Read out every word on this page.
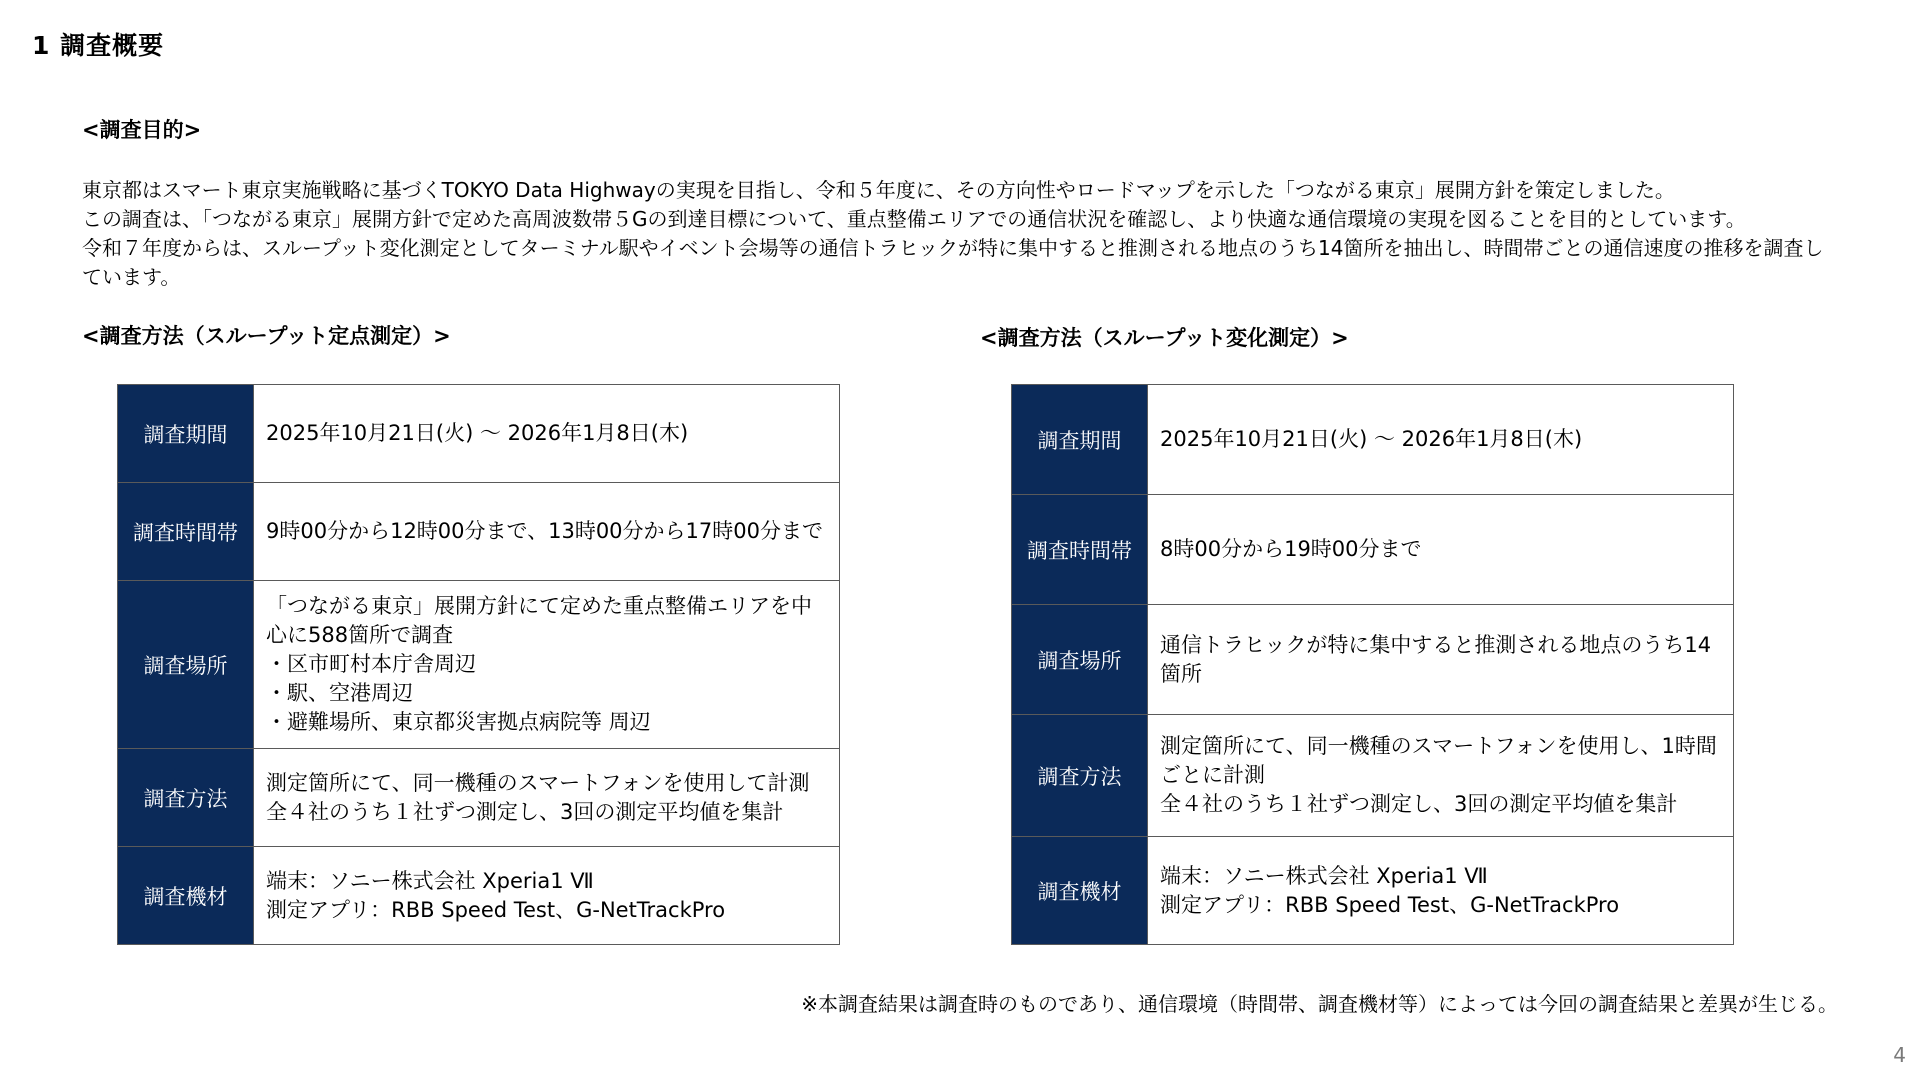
1 調査概要
<調査目的>

東京都はスマート東京実施戦略に基づくTOKYO Data Highwayの実現を目指し、令和５年度に、その方向性やロードマップを示した「つながる東京」展開方針を策定しました。

この調査は、「つながる東京」展開方針で定めた高周波数帯５Gの到達目標について、重点整備エリアでの通信状況を確認し、より快適な通信環境の実現を図ることを目的としています。

令和７年度からは、スループット変化測定としてターミナル駅やイベント会場等の通信トラヒックが特に集中すると推測される地点のうち14箇所を抽出し、時間帯ごとの通信速度の推移を調査しています。

<調査方法（スループット定点測定）>	<調査方法（スループット変化測定）>
調査期間	2025年10月21日(火) ～ 2026年1月8日(木)

調査時間帯	9時00分から12時00分まで、13時00分から17時00分まで

調査場所	「つながる東京」展開方針にて定めた重点整備エリアを中心に588箇所で調査
・区市町村本庁舎周辺
・駅、空港周辺
・避難場所、東京都災害拠点病院等 周辺

調査方法	測定箇所にて、同一機種のスマートフォンを使用して計測
全４社のうち１社ずつ測定し、3回の測定平均値を集計

調査機材	端末：ソニー株式会社 Xperia1 Ⅶ
測定アプリ：RBB Speed Test、G-NetTrackPro
調査期間	2025年10月21日(火) ～ 2026年1月8日(木)

調査時間帯	8時00分から19時00分まで

調査場所	通信トラヒックが特に集中すると推測される地点のうち14箇所

調査方法	測定箇所にて、同一機種のスマートフォンを使用し、1時間ごとに計測
全４社のうち１社ずつ測定し、3回の測定平均値を集計

調査機材	端末：ソニー株式会社 Xperia1 Ⅶ
測定アプリ：RBB Speed Test、G-NetTrackPro
※本調査結果は調査時のものであり、通信環境（時間帯、調査機材等）によっては今回の調査結果と差異が生じる。
4
